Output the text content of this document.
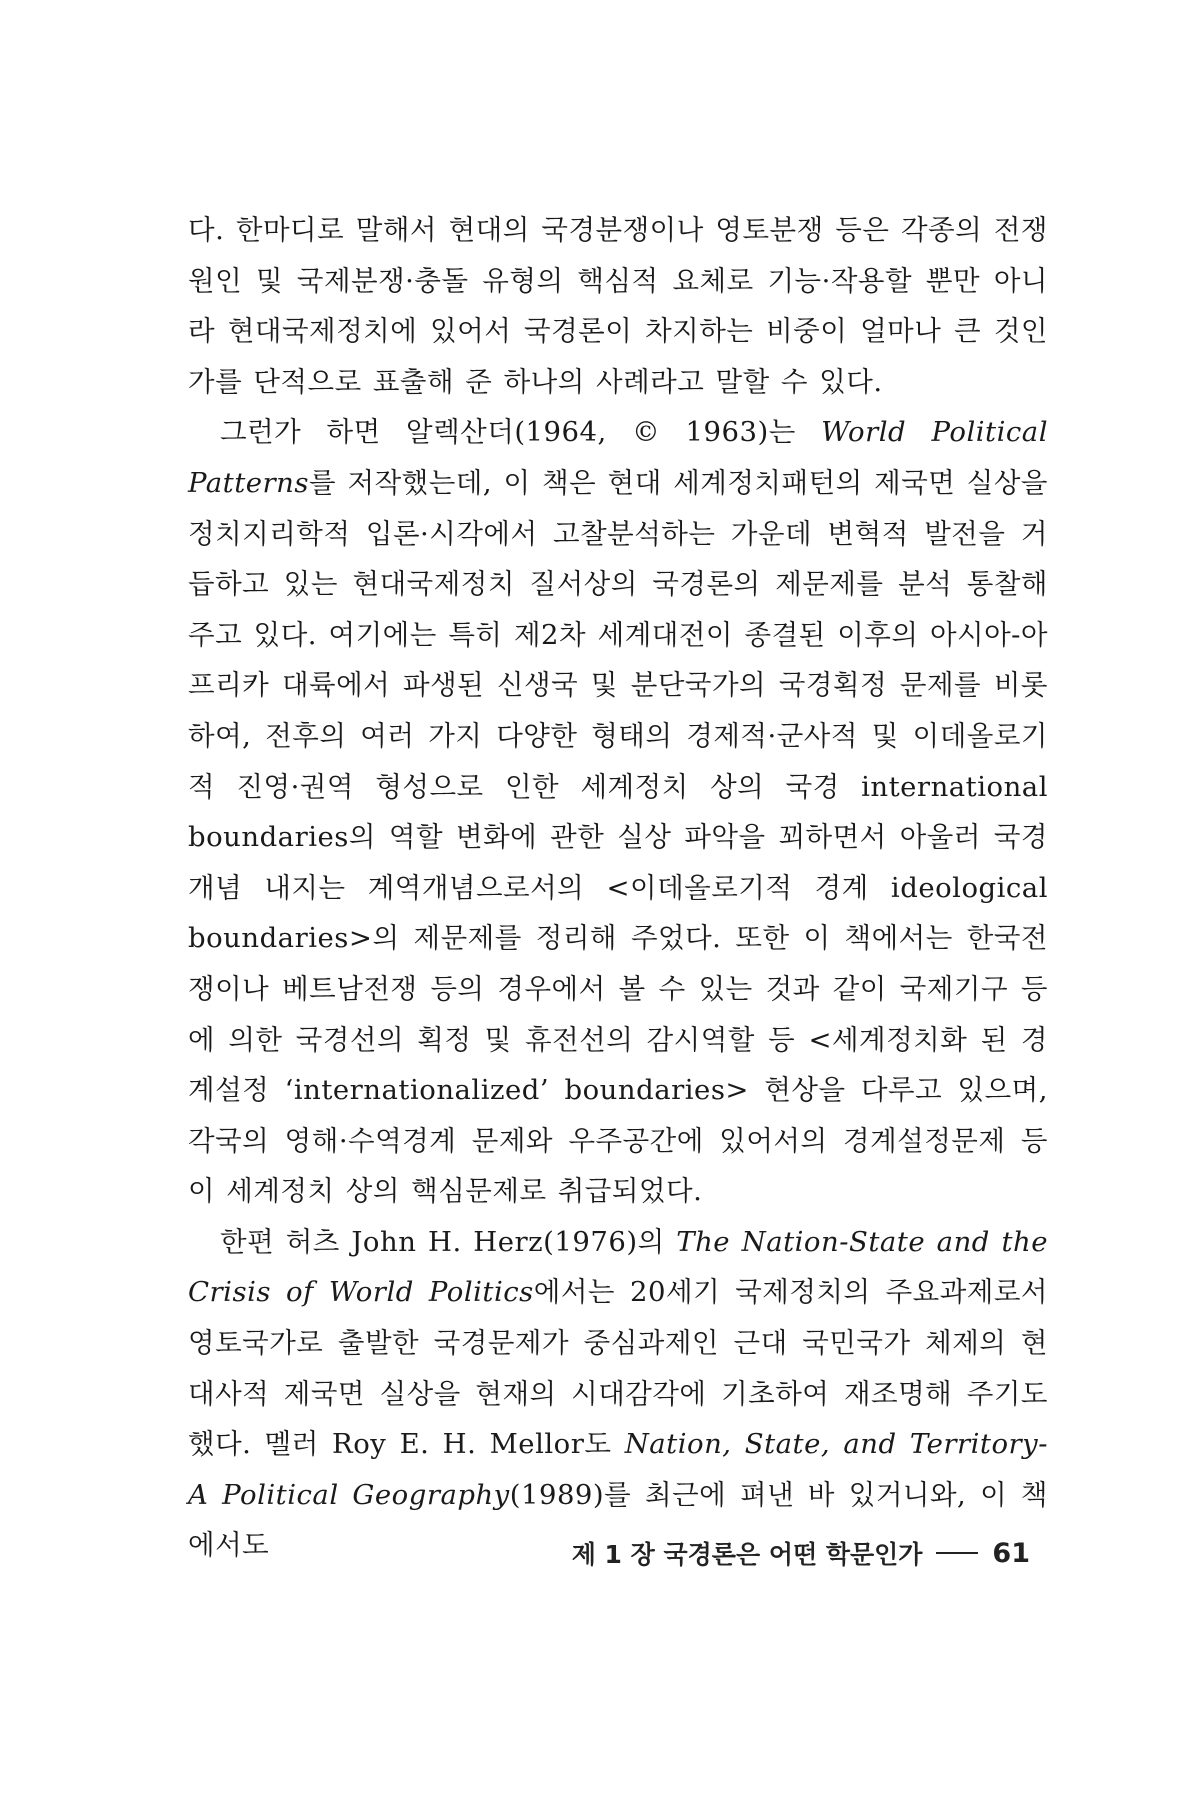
다. 한마디로 말해서 현대의 국경분쟁이나 영토분쟁 등은 각종의 전쟁원인 및 국제분쟁·충돌 유형의 핵심적 요체로 기능·작용할 뿐만 아니라 현대국제정치에 있어서 국경론이 차지하는 비중이 얼마나 큰 것인가를 단적으로 표출해 준 하나의 사례라고 말할 수 있다.

그런가 하면 알렉산더(1964, © 1963)는 World Political Patterns를 저작했는데, 이 책은 현대 세계정치패턴의 제국면 실상을 정치지리학적 입론·시각에서 고찰분석하는 가운데 변혁적 발전을 거듭하고 있는 현대국제정치 질서상의 국경론의 제문제를 분석 통찰해 주고 있다. 여기에는 특히 제2차 세계대전이 종결된 이후의 아시아-아프리카 대륙에서 파생된 신생국 및 분단국가의 국경획정 문제를 비롯하여, 전후의 여러 가지 다양한 형태의 경제적·군사적 및 이데올로기적 진영·권역 형성으로 인한 세계정치 상의 국경 international boundaries의 역할 변화에 관한 실상 파악을 꾀하면서 아울러 국경개념 내지는 계역개념으로서의 <이데올로기적 경계 ideological boundaries>의 제문제를 정리해 주었다. 또한 이 책에서는 한국전쟁이나 베트남전쟁 등의 경우에서 볼 수 있는 것과 같이 국제기구 등에 의한 국경선의 획정 및 휴전선의 감시역할 등 <세계정치화 된 경계설정 ‘internationalized’ boundaries> 현상을 다루고 있으며, 각국의 영해·수역경계 문제와 우주공간에 있어서의 경계설정문제 등이 세계정치 상의 핵심문제로 취급되었다.

한편 허츠 John H. Herz(1976)의 The Nation-State and the Crisis of World Politics에서는 20세기 국제정치의 주요과제로서 영토국가로 출발한 국경문제가 중심과제인 근대 국민국가 체제의 현대사적 제국면 실상을 현재의 시대감각에 기초하여 재조명해 주기도 했다. 멜러 Roy E. H. Mellor도 Nation, State, and Territory-A Political Geography(1989)를 최근에 펴낸 바 있거니와, 이 책에서도	제 1 장 국경론은 어떤 학문인가	61
